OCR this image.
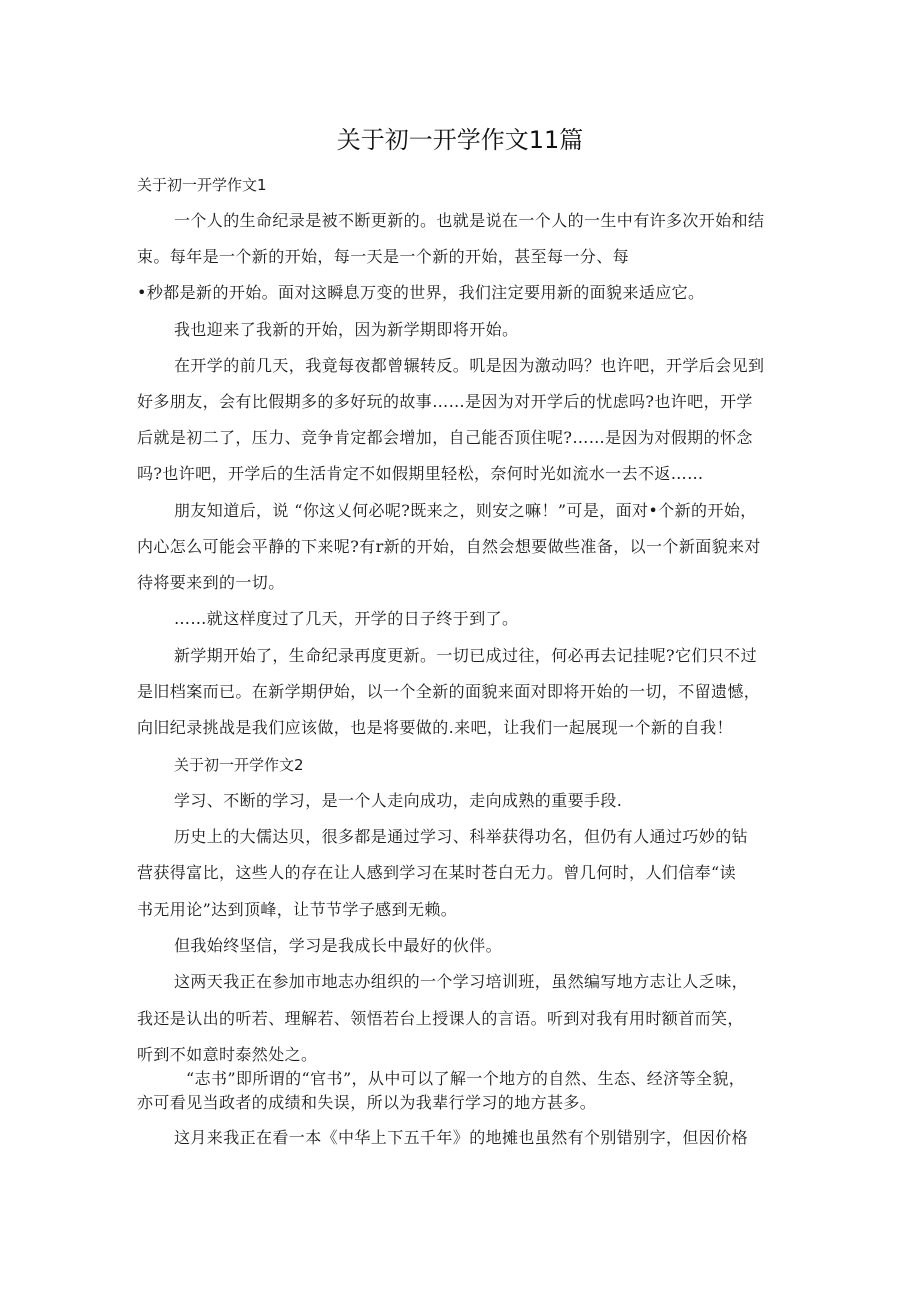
关于初一开学作文11篇

关于初一开学作文1

一个人的生命纪录是被不断更新的。也就是说在一个人的一生中有许多次开始和结

束。每年是一个新的开始，每一天是一个新的开始，甚至每一分、每

•秒都是新的开始。面对这瞬息万变的世界，我们注定要用新的面貌来适应它。

我也迎来了我新的开始，因为新学期即将开始。

在开学的前几天，我竟每夜都曾辗转反。叽是因为激动吗？也许吧，开学后会见到

好多朋友，会有比假期多的多好玩的故事……是因为对开学后的忧虑吗?也许吧，开学

后就是初二了，压力、竞争肯定都会增加，自己能否顶住呢?……是因为对假期的怀念

吗?也许吧，开学后的生活肯定不如假期里轻松，奈何时光如流水一去不返……

朋友知道后，说 “你这乂何必呢?既来之，则安之嘛！”可是，面对•个新的开始，

内心怎么可能会平静的下来呢?有r新的开始，自然会想要做些准备，以一个新面貌来对

待将要来到的一切。

……就这样度过了几天，开学的日子终于到了。

新学期开始了，生命纪录再度更新。一切已成过往，何必再去记挂呢?它们只不过

是旧档案而已。在新学期伊始，以一个全新的面貌来面对即将开始的一切，不留遗憾，

向旧纪录挑战是我们应该做，也是将要做的.来吧，让我们一起展现一个新的自我！

关于初一开学作文2

学习、不断的学习，是一个人走向成功，走向成熟的重要手段.

历史上的大儒达贝，很多都是通过学习、科举获得功名，但仍有人通过巧妙的钻

营获得富比，这些人的存在让人感到学习在某时苍白无力。曾几何时，人们信奉“读

书无用论”达到顶峰，让节节学子感到无赖。

但我始终坚信，学习是我成长中最好的伙伴。

这两天我正在参加市地志办组织的一个学习培训班，虽然编写地方志让人乏味，

我还是认出的听若、理解若、领悟若台上授课人的言语。听到对我有用时额首而笑，

听到不如意时泰然处之。

“志书”即所谓的“官书”，从中可以了解一个地方的自然、生态、经济等全貌，

亦可看见当政者的成绩和失误，所以为我辈行学习的地方甚多。

这月来我正在看一本《中华上下五千年》的地摊也虽然有个别错别字，但因价格
